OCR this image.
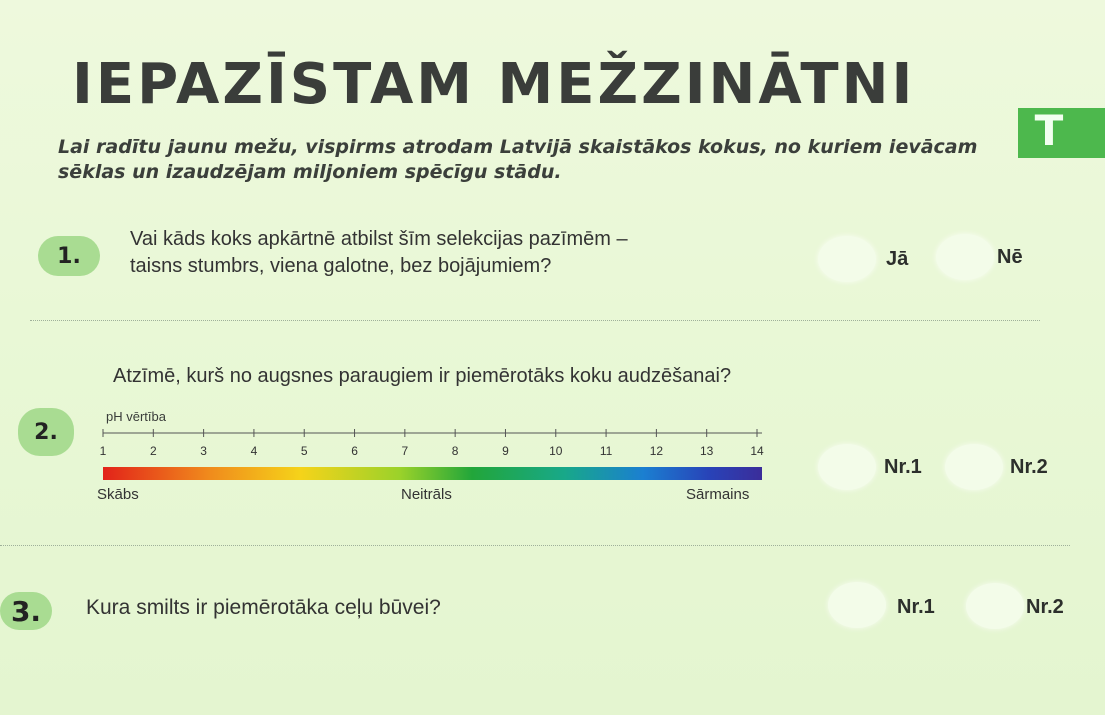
IEPAZĪSTAM MEŽZINĀTNI
Lai radītu jaunu mežu, vispirms atrodam Latvijā skaistākos kokus, no kuriem ievācam sēklas un izaudzējam miljoniem spēcīgu stādu.
T
1.
Vai kāds koks apkārtnē atbilst šīm selekcijas pazīmēm –
taisns stumbrs, viena galotne, bez bojājumiem?	Jā	Nē
Atzīmē, kurš no augsnes paraugiem ir piemērotāks koku audzēšanai?
2.
pH vērtība
1	2	3	4	5	6	7	8	9	10	11	12	13	14
Skābs	Neitrāls	Sārmains
Nr.1	Nr.2
3.	Kura smilts ir piemērotāka ceļu būvei?	Nr.1	Nr.2
